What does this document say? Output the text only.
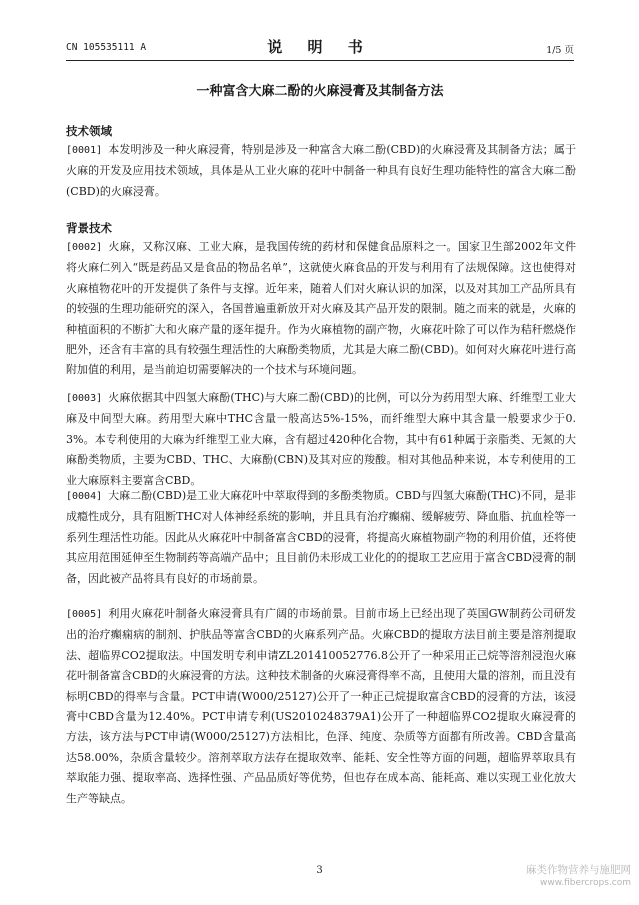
CN 105535111 A	说 明 书	1/5 页
一种富含大麻二酚的火麻浸膏及其制备方法
技术领域
[0001] 本发明涉及一种火麻浸膏，特别是涉及一种富含大麻二酚(CBD)的火麻浸膏及其制备方法；属于火麻的开发及应用技术领域，具体是从工业火麻的花叶中制备一种具有良好生理功能特性的富含大麻二酚(CBD)的火麻浸膏。
背景技术
[0002] 火麻，又称汉麻、工业大麻，是我国传统的药材和保健食品原料之一。国家卫生部2002年文件将火麻仁列入“既是药品又是食品的物品名单”，这就使火麻食品的开发与利用有了法规保障。这也使得对火麻植物花叶的开发提供了条件与支撑。近年来，随着人们对火麻认识的加深，以及对其加工产品所具有的较强的生理功能研究的深入，各国普遍重新放开对火麻及其产品开发的限制。随之而来的就是，火麻的种植面积的不断扩大和火麻产量的逐年提升。作为火麻植物的副产物，火麻花叶除了可以作为秸秆燃烧作肥外，还含有丰富的具有较强生理活性的大麻酚类物质，尤其是大麻二酚(CBD)。如何对火麻花叶进行高附加值的利用，是当前迫切需要解决的一个技术与环境问题。
[0003] 火麻依据其中四氢大麻酚(THC)与大麻二酚(CBD)的比例，可以分为药用型大麻、纤维型工业大麻及中间型大麻。药用型大麻中THC含量一般高达5%-15%，而纤维型大麻中其含量一般要求少于0.3%。本专利使用的大麻为纤维型工业大麻，含有超过420种化合物，其中有61种属于亲脂类、无氮的大麻酚类物质，主要为CBD、THC、大麻酚(CBN)及其对应的羧酸。相对其他品种来说，本专利使用的工业大麻原料主要富含CBD。
[0004] 大麻二酚(CBD)是工业大麻花叶中萃取得到的多酚类物质。CBD与四氢大麻酚(THC)不同，是非成瘾性成分，具有阻断THC对人体神经系统的影响，并且具有治疗癫痫、缓解疲劳、降血脂、抗血栓等一系列生理活性功能。因此从火麻花叶中制备富含CBD的浸膏，将提高火麻植物副产物的利用价值，还将使其应用范围延伸至生物制药等高端产品中；且目前仍未形成工业化的的提取工艺应用于富含CBD浸膏的制备，因此被产品将具有良好的市场前景。
[0005] 利用火麻花叶制备火麻浸膏具有广阔的市场前景。目前市场上已经出现了英国GW制药公司研发出的治疗癫痫病的制剂、护肤品等富含CBD的火麻系列产品。火麻CBD的提取方法目前主要是溶剂提取法、超临界CO2提取法。中国发明专利申请ZL201410052776.8公开了一种采用正己烷等溶剂浸泡火麻花叶制备富含CBD的火麻浸膏的方法。这种技术制备的火麻浸膏得率不高，且使用大量的溶剂，而且没有标明CBD的得率与含量。PCT申请(W000/25127)公开了一种正己烷提取富含CBD的浸膏的方法，该浸膏中CBD含量为12.40%。PCT申请专利(US2010248379A1)公开了一种超临界CO2提取火麻浸膏的方法，该方法与PCT申请(W000/25127)方法相比，色泽、纯度、杂质等方面都有所改善。CBD含量高达58.00%，杂质含量较少。溶剂萃取方法存在提取效率、能耗、安全性等方面的问题，超临界萃取具有萃取能力强、提取率高、选择性强、产品品质好等优势，但也存在成本高、能耗高、难以实现工业化放大生产等缺点。
3	麻类作物营养与施肥网
www.fibercrops.com
